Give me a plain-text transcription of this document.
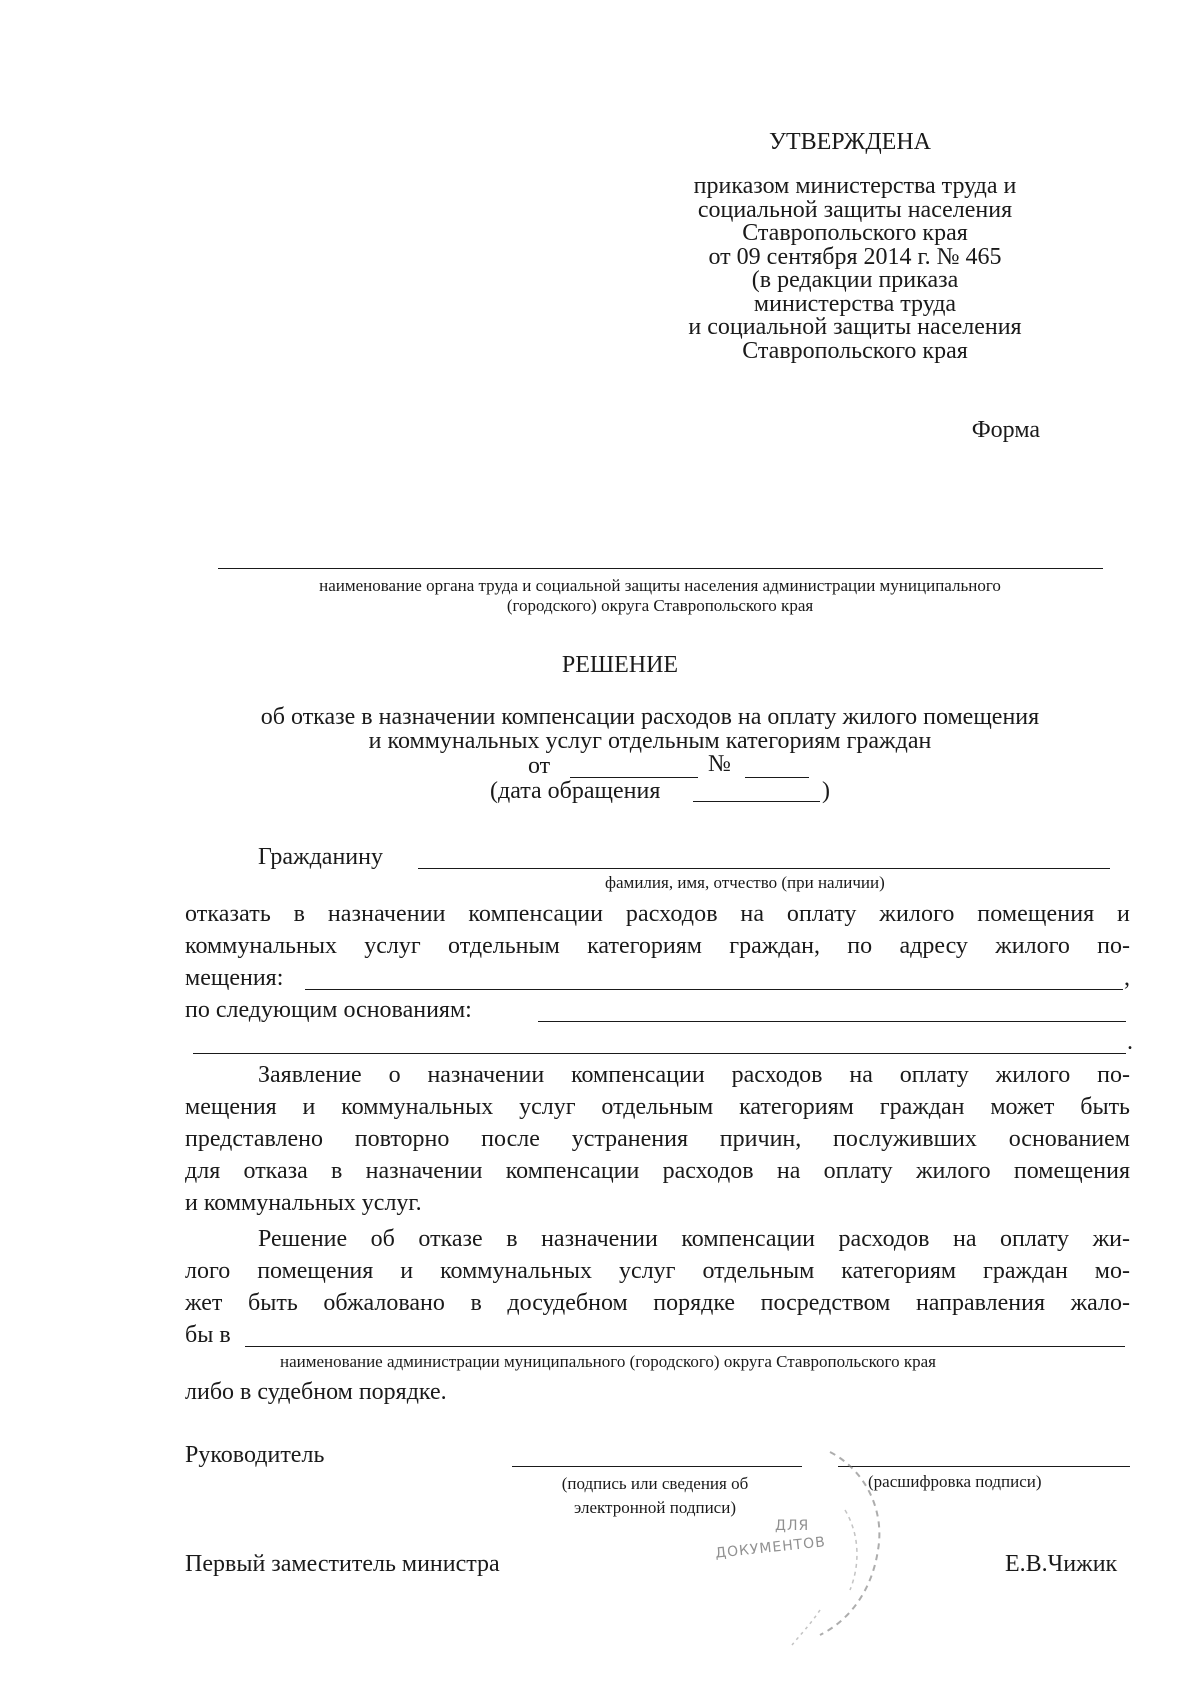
УТВЕРЖДЕНА
приказом министерства труда и
социальной защиты населения
Ставропольского края
от 09 сентября 2014 г. № 465
(в редакции приказа
министерства труда
и социальной защиты населения
Ставропольского края
Форма
наименование органа труда и социальной защиты населения администрации муниципального
(городского) округа Ставропольского края
РЕШЕНИЕ
об отказе в назначении компенсации расходов на оплату жилого помещения
и коммунальных услуг отдельным категориям граждан
от	№
(дата обращения	)
Гражданину
фамилия, имя, отчество (при наличии)
отказать в назначении компенсации расходов на оплату жилого помещения и
коммунальных услуг отдельным категориям граждан, по адресу жилого по-
мещения:	,
по следующим основаниям:
.
Заявление о назначении компенсации расходов на оплату жилого по-
мещения и коммунальных услуг отдельным категориям граждан может быть
представлено повторно после устранения причин, послуживших основанием
для отказа в назначении компенсации расходов на оплату жилого помещения
и коммунальных услуг.
Решение об отказе в назначении компенсации расходов на оплату жи-
лого помещения и коммунальных услуг отдельным категориям граждан мо-
жет быть обжаловано в досудебном порядке посредством направления жало-
бы в
наименование администрации муниципального (городского) округа Ставропольского края
либо в судебном порядке.
Руководитель
(подпись или сведения об
электронной подписи)
(расшифровка подписи)
Первый заместитель министра	Е.В.Чижик
ДЛЯ
ДОКУМЕНТОВ
